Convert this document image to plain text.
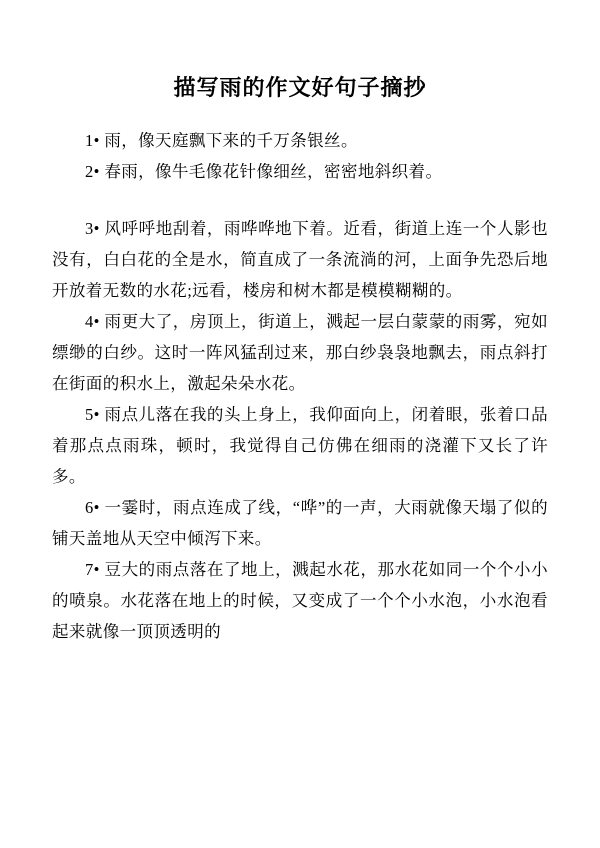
描写雨的作文好句子摘抄

1• 雨，像天庭飘下来的千万条银丝。

2• 春雨，像牛毛像花针像细丝，密密地斜织着。

3• 风呼呼地刮着，雨哗哗地下着。近看，街道上连一个人影也没有，白白花的全是水，简直成了一条流淌的河，上面争先恐后地开放着无数的水花;远看，楼房和树木都是模模糊糊的。

4• 雨更大了，房顶上，街道上，溅起一层白蒙蒙的雨雾，宛如缥缈的白纱。这时一阵风猛刮过来，那白纱袅袅地飘去，雨点斜打在街面的积水上，激起朵朵水花。

5• 雨点儿落在我的头上身上，我仰面向上，闭着眼，张着口品着那点点雨珠，顿时，我觉得自己仿佛在细雨的浇灌下又长了许多。

6• 一霎时，雨点连成了线，“哗”的一声，大雨就像天塌了似的铺天盖地从天空中倾泻下来。

7• 豆大的雨点落在了地上，溅起水花，那水花如同一个个小小的喷泉。水花落在地上的时候，又变成了一个个小水泡，小水泡看起来就像一顶顶透明的
